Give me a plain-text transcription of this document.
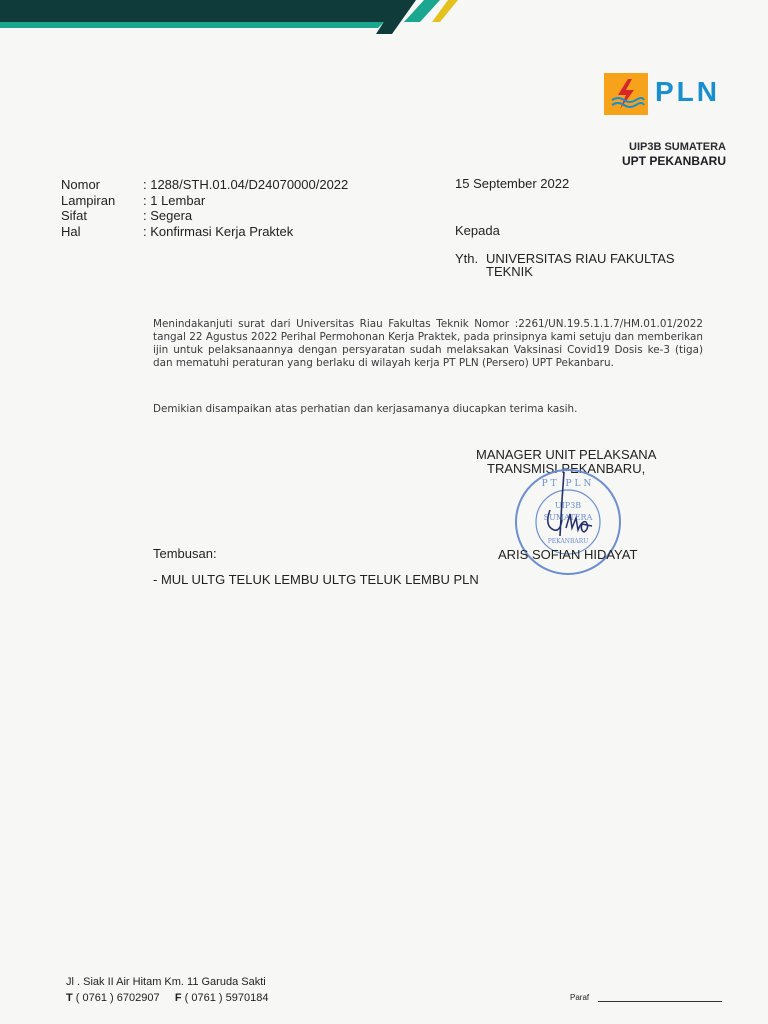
PLN
UIP3B SUMATERA
UPT PEKANBARU
Nomor	: 1288/STH.01.04/D24070000/2022
Lampiran : 1 Lembar
Sifat	: Segera
Hal	: Konfirmasi Kerja Praktek
15 September 2022
Kepada
Yth. UNIVERSITAS RIAU FAKULTAS
TEKNIK
Menindakanjuti surat dari Universitas Riau Fakultas Teknik Nomor :2261/UN.19.5.1.1.7/HM.01.01/2022 tangal 22 Agustus 2022 Perihal Permohonan Kerja Praktek, pada prinsipnya kami setuju dan memberikan ijin untuk pelaksanaannya dengan persyaratan sudah melaksakan Vaksinasi Covid19 Dosis ke-3 (tiga) dan mematuhi peraturan yang berlaku di wilayah kerja PT PLN (Persero) UPT Pekanbaru.
Demikian disampaikan atas perhatian dan kerjasamanya diucapkan terima kasih.
MANAGER UNIT PELAKSANA
TRANSMISI PEKANBARU,
PT PLN
UIP3B
SUMATERA
PEKANBARU
ARIS SOFIAN HIDAYAT
Tembusan:
- MUL ULTG TELUK LEMBU ULTG TELUK LEMBU PLN
Jl . Siak II Air Hitam Km. 11 Garuda Sakti
T ( 0761 ) 6702907 F ( 0761 ) 5970184	Paraf
